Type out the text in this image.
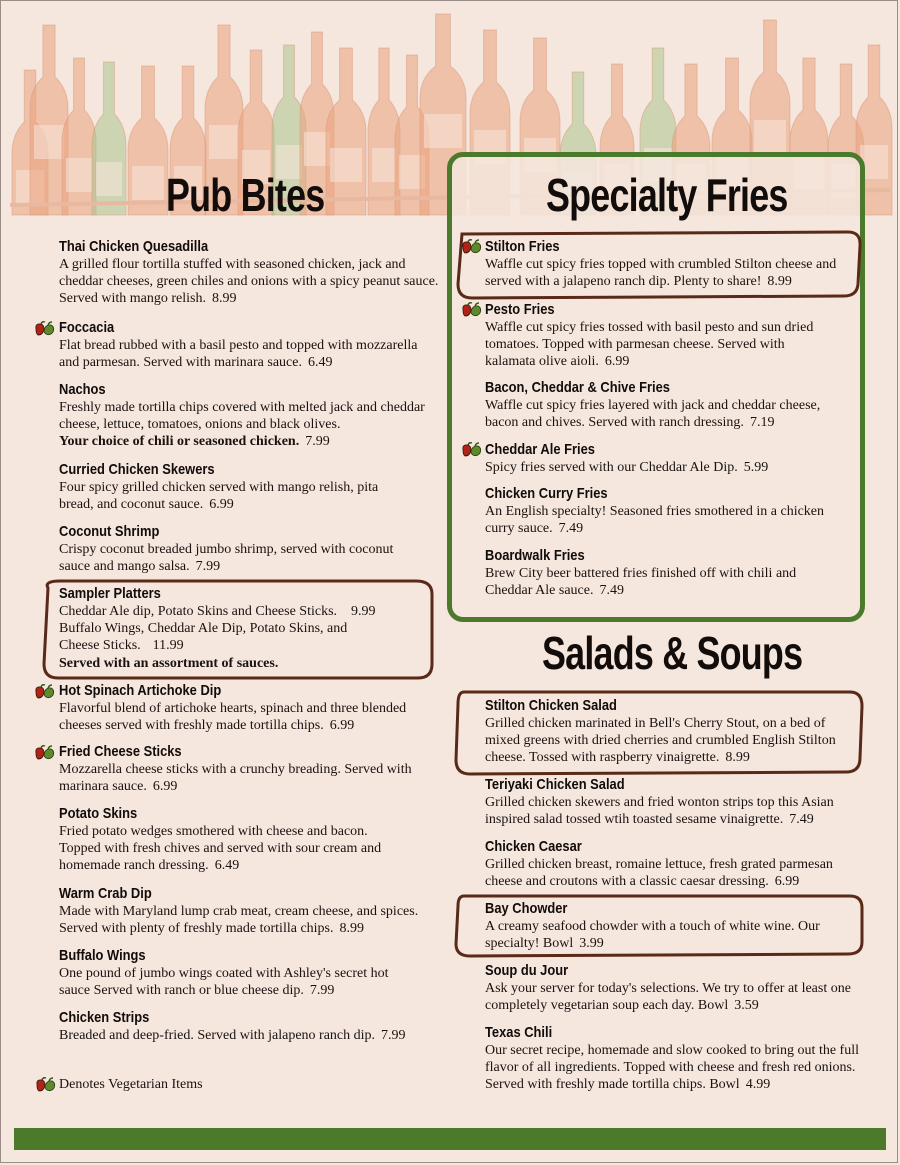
Pub Bites	Specialty Fries
Salads & Soups

Thai Chicken Quesadilla

A grilled flour tortilla stuffed with seasoned chicken, jack and cheddar cheeses, green chiles and onions with a spicy peanut sauce. Served with mango relish. 8.99

Foccacia

Flat bread rubbed with a basil pesto and topped with mozzarella and parmesan. Served with marinara sauce. 6.49

Nachos

Freshly made tortilla chips covered with melted jack and cheddar cheese, lettuce, tomatoes, onions and black olives.
Your choice of chili or seasoned chicken. 7.99

Curried Chicken Skewers

Four spicy grilled chicken served with mango relish, pita bread, and coconut sauce. 6.99

Coconut Shrimp

Crispy coconut breaded jumbo shrimp, served with coconut sauce and mango salsa. 7.99

Sampler Platters

Cheddar Ale dip, Potato Skins and Cheese Sticks. 9.99

Buffalo Wings, Cheddar Ale Dip, Potato Skins, and Cheese Sticks. 11.99

Served with an assortment of sauces.

Hot Spinach Artichoke Dip

Flavorful blend of artichoke hearts, spinach and three blended cheeses served with freshly made tortilla chips. 6.99

Fried Cheese Sticks

Mozzarella cheese sticks with a crunchy breading. Served with marinara sauce. 6.99

Potato Skins

Fried potato wedges smothered with cheese and bacon. Topped with fresh chives and served with sour cream and homemade ranch dressing. 6.49

Warm Crab Dip

Made with Maryland lump crab meat, cream cheese, and spices. Served with plenty of freshly made tortilla chips. 8.99

Buffalo Wings

One pound of jumbo wings coated with Ashley's secret hot sauce Served with ranch or blue cheese dip. 7.99

Chicken Strips

Breaded and deep-fried. Served with jalapeno ranch dip. 7.99

Stilton Fries

Waffle cut spicy fries topped with crumbled Stilton cheese and served with a jalapeno ranch dip. Plenty to share! 8.99

Pesto Fries

Waffle cut spicy fries tossed with basil pesto and sun dried tomatoes. Topped with parmesan cheese. Served with kalamata olive aioli. 6.99

Bacon, Cheddar & Chive Fries

Waffle cut spicy fries layered with jack and cheddar cheese, bacon and chives. Served with ranch dressing. 7.19

Cheddar Ale Fries

Spicy fries served with our Cheddar Ale Dip. 5.99

Chicken Curry Fries

An English specialty! Seasoned fries smothered in a chicken curry sauce. 7.49

Boardwalk Fries

Brew City beer battered fries finished off with chili and Cheddar Ale sauce. 7.49

Stilton Chicken Salad

Grilled chicken marinated in Bell's Cherry Stout, on a bed of mixed greens with dried cherries and crumbled English Stilton cheese. Tossed with raspberry vinaigrette. 8.99

Teriyaki Chicken Salad

Grilled chicken skewers and fried wonton strips top this Asian inspired salad tossed wtih toasted sesame vinaigrette. 7.49

Chicken Caesar

Grilled chicken breast, romaine lettuce, fresh grated parmesan cheese and croutons with a classic caesar dressing. 6.99

Bay Chowder

A creamy seafood chowder with a touch of white wine. Our specialty! Bowl 3.99

Soup du Jour

Ask your server for today's selections. We try to offer at least one completely vegetarian soup each day. Bowl 3.59

Texas Chili

Our secret recipe, homemade and slow cooked to bring out the full flavor of all ingredients. Topped with cheese and fresh red onions. Served with freshly made tortilla chips. Bowl 4.99

Denotes Vegetarian Items
